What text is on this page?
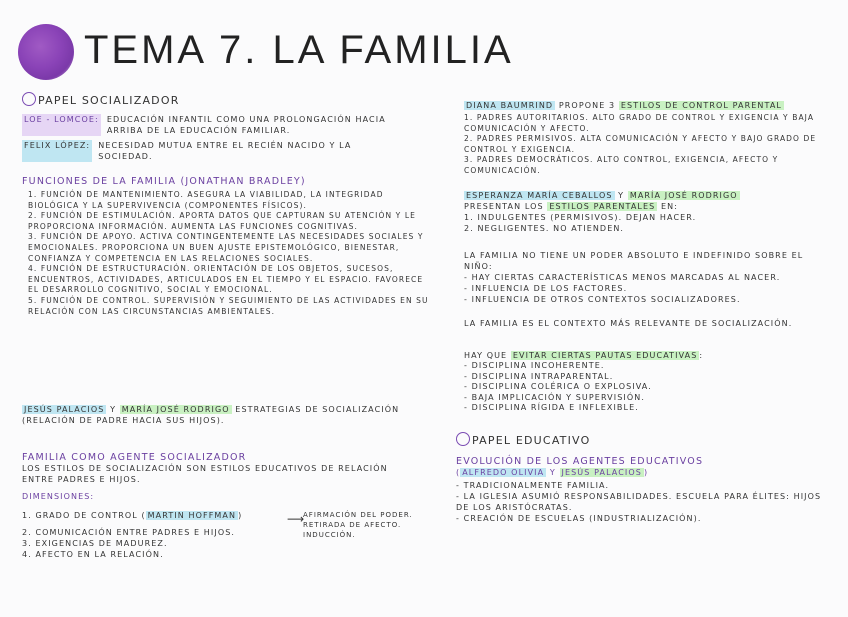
TEMA 7. LA FAMILIA
PAPEL SOCIALIZADOR
LOE - LOMCOE: EDUCACIÓN INFANTIL COMO UNA PROLONGACIÓN HACIA ARRIBA DE LA EDUCACIÓN FAMILIAR.
FELIX LÓPEZ: NECESIDAD MUTUA ENTRE EL RECIÉN NACIDO Y LA SOCIEDAD.
FUNCIONES DE LA FAMILIA (JONATHAN BRADLEY)
1. FUNCIÓN DE MANTENIMIENTO. ASEGURA LA VIABILIDAD, LA INTEGRIDAD BIOLÓGICA Y LA SUPERVIVENCIA (COMPONENTES FÍSICOS).
2. FUNCIÓN DE ESTIMULACIÓN. APORTA DATOS QUE CAPTURAN SU ATENCIÓN Y LE PROPORCIONA INFORMACIÓN. AUMENTA LAS FUNCIONES COGNITIVAS.
3. FUNCIÓN DE APOYO. ACTIVA CONTINGENTEMENTE LAS NECESIDADES SOCIALES Y EMOCIONALES. PROPORCIONA UN BUEN AJUSTE EPISTEMOLÓGICO, BIENESTAR, CONFIANZA Y COMPETENCIA EN LAS RELACIONES SOCIALES.
4. FUNCIÓN DE ESTRUCTURACIÓN. ORIENTACIÓN DE LOS OBJETOS, SUCESOS, ENCUENTROS, ACTIVIDADES, ARTICULADOS EN EL TIEMPO Y EL ESPACIO. FAVORECE EL DESARROLLO COGNITIVO, SOCIAL Y EMOCIONAL.
5. FUNCIÓN DE CONTROL. SUPERVISIÓN Y SEGUIMIENTO DE LAS ACTIVIDADES EN SU RELACIÓN CON LAS CIRCUNSTANCIAS AMBIENTALES.
JESÚS PALACIOS Y MARÍA JOSÉ RODRIGO ESTRATEGIAS DE SOCIALIZACIÓN (RELACIÓN DE PADRE HACIA SUS HIJOS).
FAMILIA COMO AGENTE SOCIALIZADOR
LOS ESTILOS DE SOCIALIZACIÓN SON ESTILOS EDUCATIVOS DE RELACIÓN ENTRE PADRES E HIJOS.
DIMENSIONES:
1. GRADO DE CONTROL ( MARTIN HOFFMAN )
2. COMUNICACIÓN ENTRE PADRES E HIJOS.
3. EXIGENCIAS DE MADUREZ.
4. AFECTO EN LA RELACIÓN.
⟶
AFIRMACIÓN DEL PODER. RETIRADA DE AFECTO. INDUCCIÓN.
DIANA BAUMRIND PROPONE 3 ESTILOS DE CONTROL PARENTAL
1. PADRES AUTORITARIOS. ALTO GRADO DE CONTROL Y EXIGENCIA Y BAJA COMUNICACIÓN Y AFECTO.
2. PADRES PERMISIVOS. ALTA COMUNICACIÓN Y AFECTO Y BAJO GRADO DE CONTROL Y EXIGENCIA.
3. PADRES DEMOCRÁTICOS. ALTO CONTROL, EXIGENCIA, AFECTO Y COMUNICACIÓN.
ESPERANZA MARÍA CEBALLOS Y MARÍA JOSÉ RODRIGO
PRESENTAN LOS ESTILOS PARENTALES EN:
1. INDULGENTES (PERMISIVOS). DEJAN HACER.
2. NEGLIGENTES. NO ATIENDEN.
LA FAMILIA NO TIENE UN PODER ABSOLUTO E INDEFINIDO SOBRE EL NIÑO:
- HAY CIERTAS CARACTERÍSTICAS MENOS MARCADAS AL NACER.
- INFLUENCIA DE LOS FACTORES.
- INFLUENCIA DE OTROS CONTEXTOS SOCIALIZADORES.
LA FAMILIA ES EL CONTEXTO MÁS RELEVANTE DE SOCIALIZACIÓN.
HAY QUE EVITAR CIERTAS PAUTAS EDUCATIVAS :
- DISCIPLINA INCOHERENTE.
- DISCIPLINA INTRAPARENTAL.
- DISCIPLINA COLÉRICA O EXPLOSIVA.
- BAJA IMPLICACIÓN Y SUPERVISIÓN.
- DISCIPLINA RÍGIDA E INFLEXIBLE.
PAPEL EDUCATIVO
EVOLUCIÓN DE LOS AGENTES EDUCATIVOS
( ALFREDO OLIVIA Y JESÚS PALACIOS )
- TRADICIONALMENTE FAMILIA.
- LA IGLESIA ASUMIÓ RESPONSABILIDADES. ESCUELA PARA ÉLITES: HIJOS DE LOS ARISTÓCRATAS.
- CREACIÓN DE ESCUELAS (INDUSTRIALIZACIÓN).
